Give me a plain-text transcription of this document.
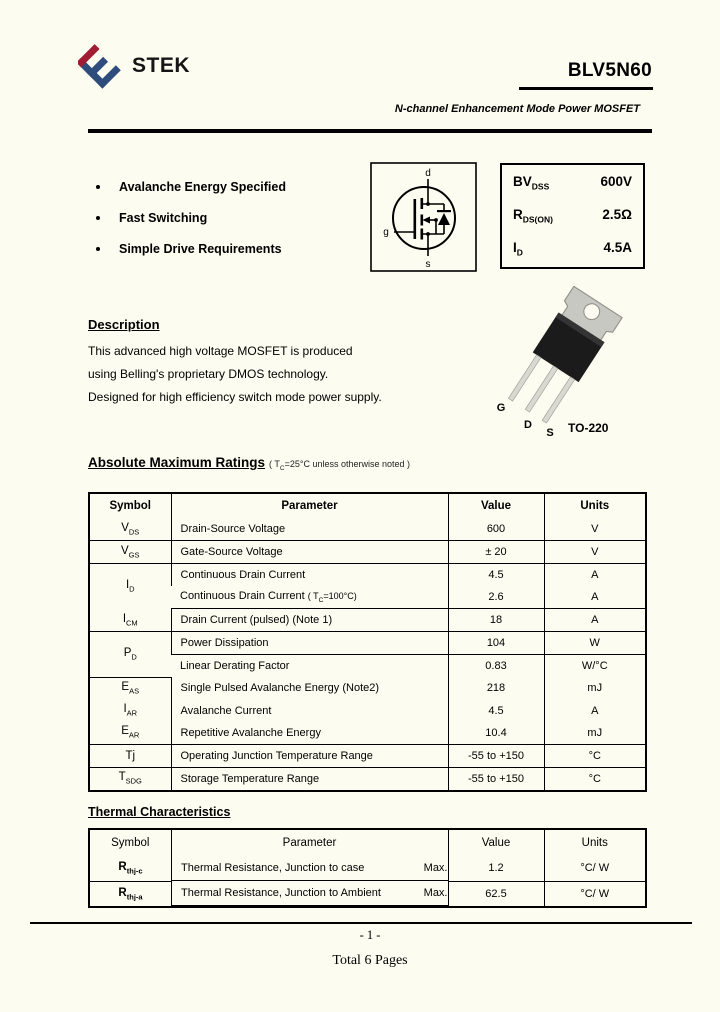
STEK	BLV5N60
N-channel Enhancement Mode Power MOSFET
Avalanche Energy Specified
Fast Switching
Simple Drive Requirements
d
g
s
$BV_{DSS}$	600V
$R_{DS(ON)}$	2.5Ω
$I_D$	4.5A
Description
This advanced high voltage MOSFET is produced
using Belling's proprietary DMOS technology.
Designed for high efficiency switch mode power supply.
G
D
S TO-220
Absolute Maximum Ratings ( $T_C=25^\circ C$ unless otherwise noted )
Symbol	Parameter	Value	Units
$V_{DS}$	Drain-Source Voltage	600	V
$V_{GS}$	Gate-Source Voltage	± 20	V
$I_D$	Continuous Drain Current	4.5	A
	Continuous Drain Current ( $T_C=100^\circ C$)	2.6	A
$I_{CM}$	Drain Current (pulsed) (Note 1)	18	A
$P_D$	Power Dissipation	104	W
	Linear Derating Factor	0.83	W/°C
$E_{AS}$	Single Pulsed Avalanche Energy (Note2)	218	mJ
$I_{AR}$	Avalanche Current	4.5	A
$E_{AR}$	Repetitive Avalanche Energy	10.4	mJ
Tj	Operating Junction Temperature Range	-55 to +150	°C
$T_{SDG}$	Storage Temperature Range	-55 to +150	°C
Thermal Characteristics
Symbol	Parameter	Value	Units
$R_{thj-c}$		Thermal Resistance, Junction to case	Max.	1.2	°C/ W
$R_{thj-a}$		Thermal Resistance, Junction to Ambient	Max.	62.5	°C/ W
- 1 -
Total 6 Pages
